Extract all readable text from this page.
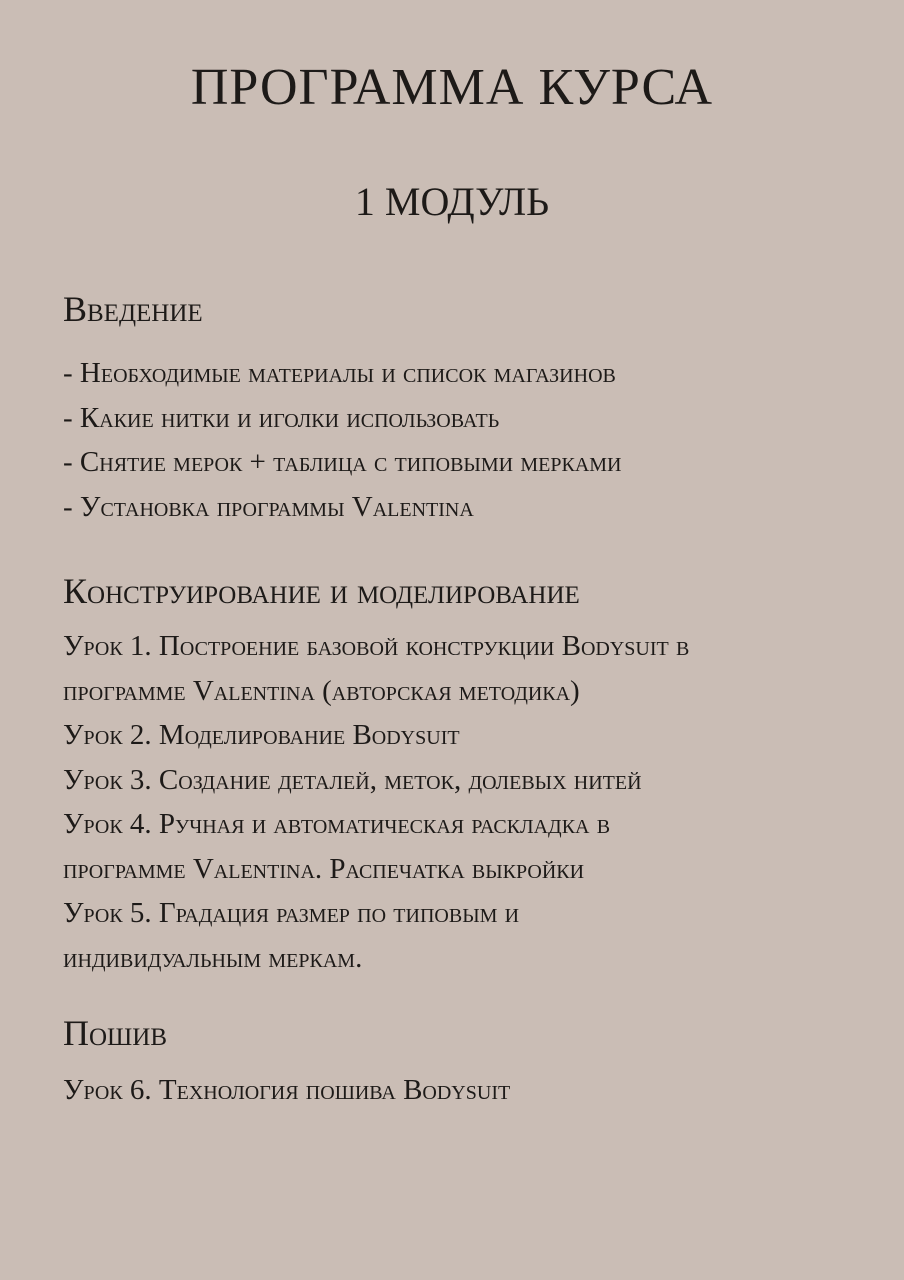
ПРОГРАММА КУРСА
1 МОДУЛЬ
Введение
- Необходимые материалы и список магазинов
- Какие нитки и иголки использовать
- Снятие мерок + таблица с типовыми мерками
- Установка программы Valentina
Конструирование и моделирование
Урок 1. Построение базовой конструкции Bodysuit в
программе Valentina (авторская методика)
Урок 2. Моделирование Bodysuit
Урок 3. Создание деталей, меток, долевых нитей
Урок 4. Ручная и автоматическая раскладка в
программе Valentina. Распечатка выкройки
Урок 5. Градация размер по типовым и
индивидуальным меркам.
Пошив
Урок 6. Технология пошива Bodysuit
